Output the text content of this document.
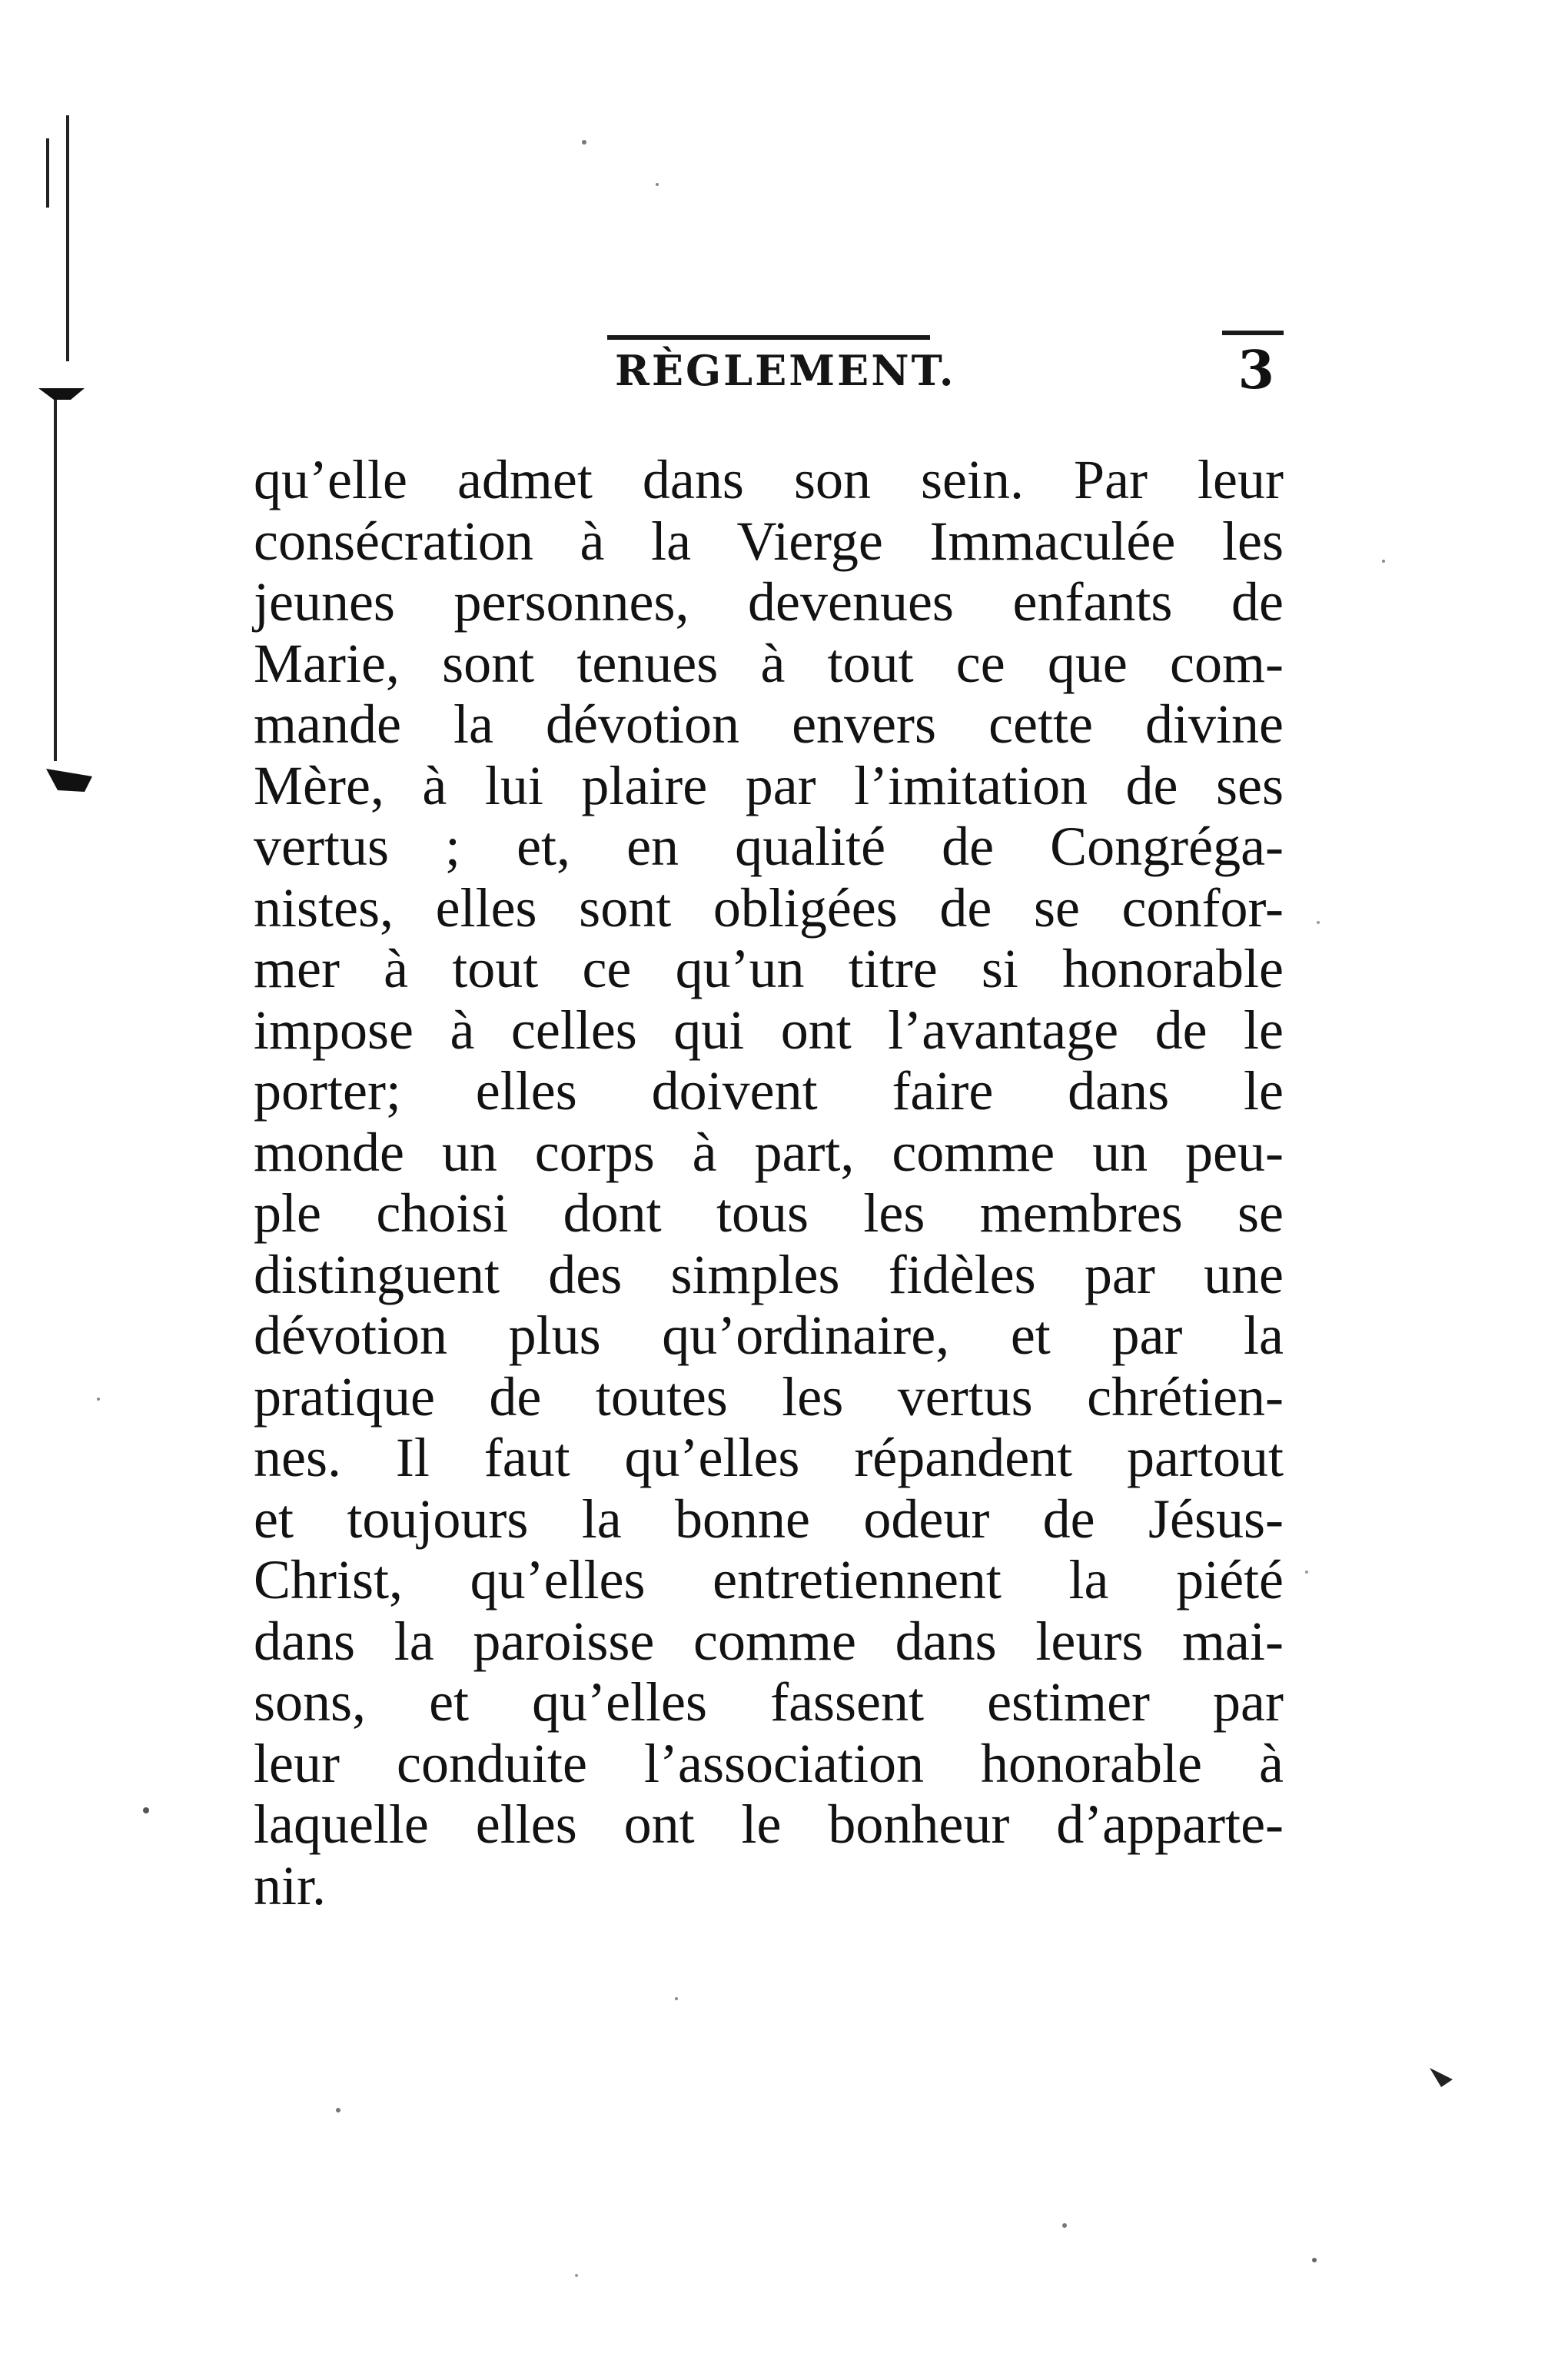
RÈGLEMENT.	3
qu’elle admet dans son sein. Par leur
consécration à la Vierge Immaculée les
jeunes personnes, devenues enfants de
Marie, sont tenues à tout ce que com-
mande la dévotion envers cette divine
Mère, à lui plaire par l’imitation de ses
vertus ; et, en qualité de Congréga-
nistes, elles sont obligées de se confor-
mer à tout ce qu’un titre si honorable
impose à celles qui ont l’avantage de le
porter; elles doivent faire dans le
monde un corps à part, comme un peu-
ple choisi dont tous les membres se
distinguent des simples fidèles par une
dévotion plus qu’ordinaire, et par la
pratique de toutes les vertus chrétien-
nes. Il faut qu’elles répandent partout
et toujours la bonne odeur de Jésus-
Christ, qu’elles entretiennent la piété
dans la paroisse comme dans leurs mai-
sons, et qu’elles fassent estimer par
leur conduite l’association honorable à
laquelle elles ont le bonheur d’apparte-
nir.
